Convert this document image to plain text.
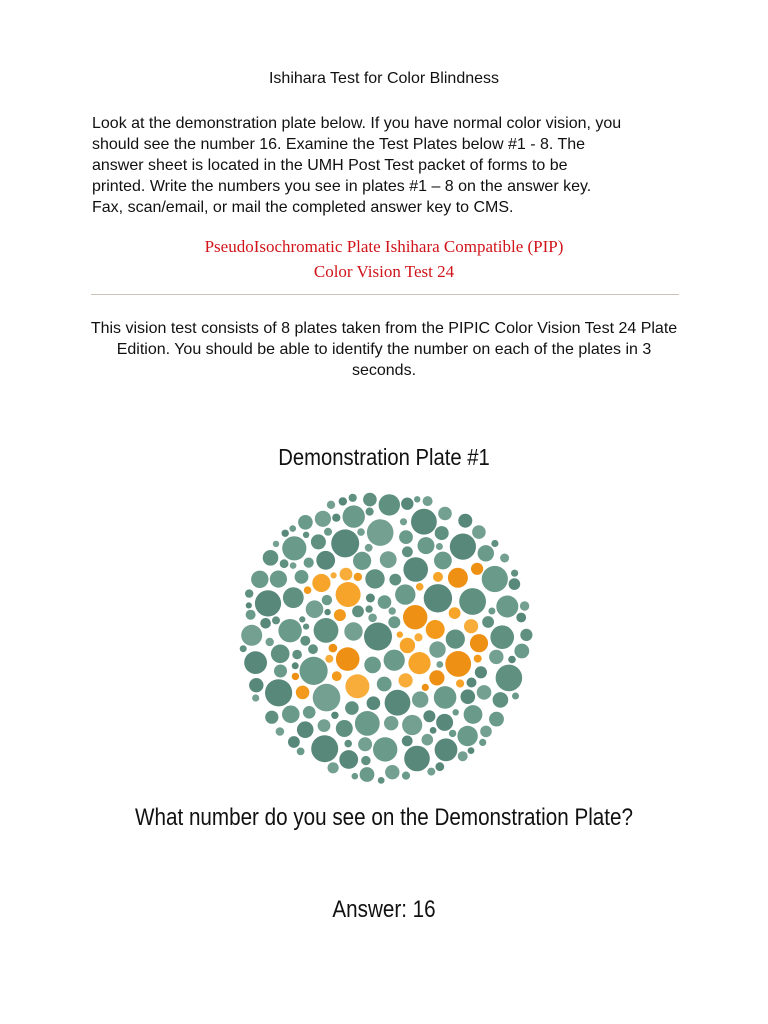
Ishihara Test for Color Blindness
Look at the demonstration plate below. If you have normal color vision, you
should see the number 16. Examine the Test Plates below #1 - 8. The
answer sheet is located in the UMH Post Test packet of forms to be
printed. Write the numbers you see in plates #1 – 8 on the answer key.
Fax, scan/email, or mail the completed answer key to CMS.
PseudoIsochromatic Plate Ishihara Compatible (PIP)
Color Vision Test 24
This vision test consists of 8 plates taken from the PIPIC Color Vision Test 24 Plate Edition. You should be able to identify the number on each of the plates in 3 seconds.
Demonstration Plate #1
What number do you see on the Demonstration Plate?
Answer: 16
